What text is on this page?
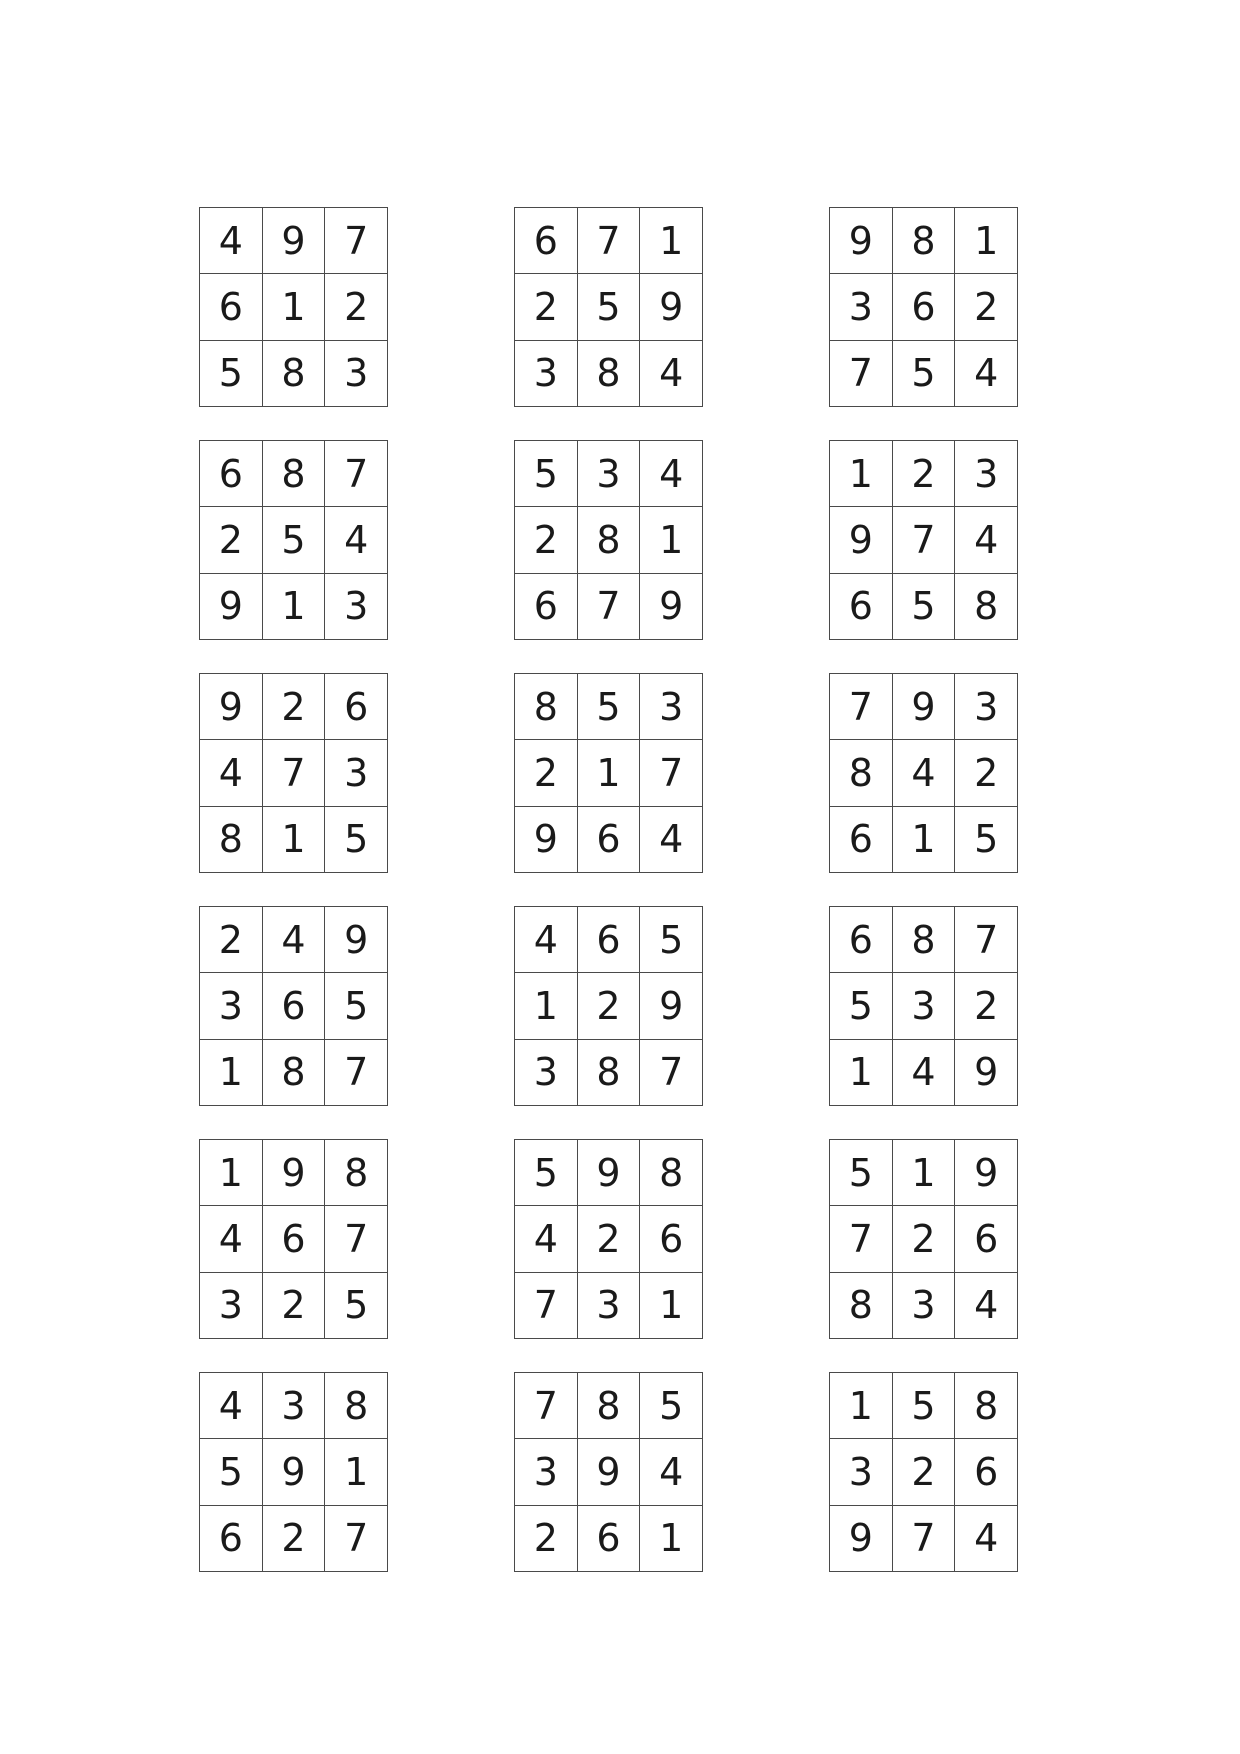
4	9	7
6	1	2
5	8	3
6	7	1
2	5	9
3	8	4
9	8	1
3	6	2
7	5	4
6	8	7
2	5	4
9	1	3
5	3	4
2	8	1
6	7	9
1	2	3
9	7	4
6	5	8
9	2	6
4	7	3
8	1	5
8	5	3
2	1	7
9	6	4
7	9	3
8	4	2
6	1	5
2	4	9
3	6	5
1	8	7
4	6	5
1	2	9
3	8	7
6	8	7
5	3	2
1	4	9
1	9	8
4	6	7
3	2	5
5	9	8
4	2	6
7	3	1
5	1	9
7	2	6
8	3	4
4	3	8
5	9	1
6	2	7
7	8	5
3	9	4
2	6	1
1	5	8
3	2	6
9	7	4
